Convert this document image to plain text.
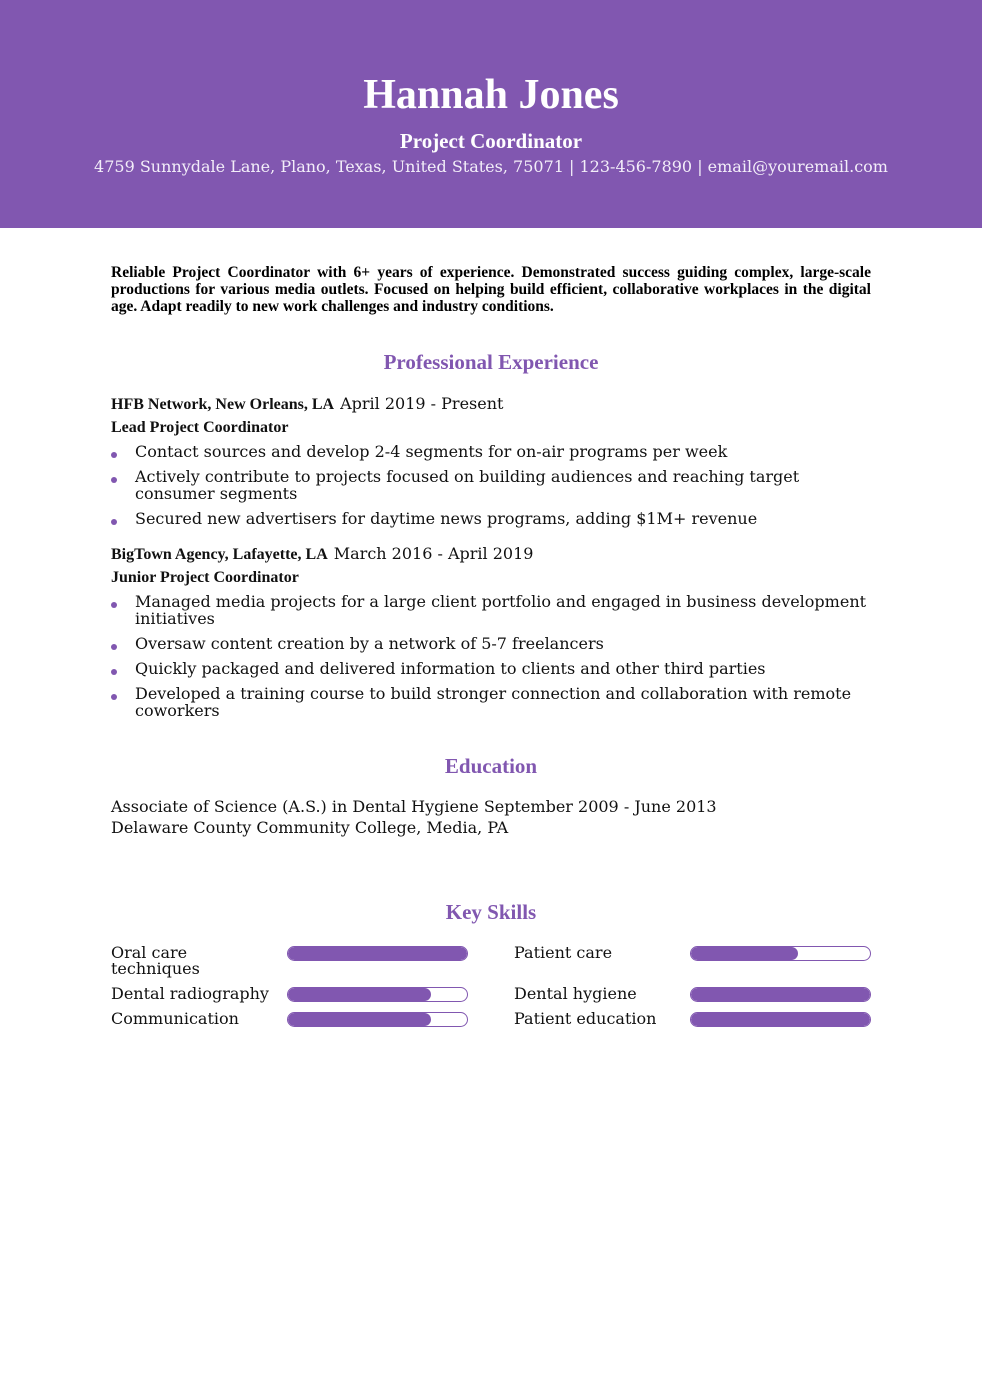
Hannah Jones
Project Coordinator
4759 Sunnydale Lane, Plano, Texas, United States, 75071 | 123-456-7890 | email@youremail.com
Reliable Project Coordinator with 6+ years of experience. Demonstrated success guiding complex, large-scale productions for various media outlets. Focused on helping build efficient, collaborative workplaces in the digital age. Adapt readily to new work challenges and industry conditions.
Professional Experience
HFB Network, New Orleans, LA April 2019 - Present
Lead Project Coordinator
Contact sources and develop 2-4 segments for on-air programs per week
Actively contribute to projects focused on building audiences and reaching target consumer segments
Secured new advertisers for daytime news programs, adding $1M+ revenue
BigTown Agency, Lafayette, LA March 2016 - April 2019
Junior Project Coordinator
Managed media projects for a large client portfolio and engaged in business development initiatives
Oversaw content creation by a network of 5-7 freelancers
Quickly packaged and delivered information to clients and other third parties
Developed a training course to build stronger connection and collaboration with remote coworkers
Education
Associate of Science (A.S.) in Dental Hygiene September 2009 - June 2013
Delaware County Community College, Media, PA
Key Skills
Oral care techniques
Patient care
Dental radiography	Dental hygiene
Communication	Patient education
